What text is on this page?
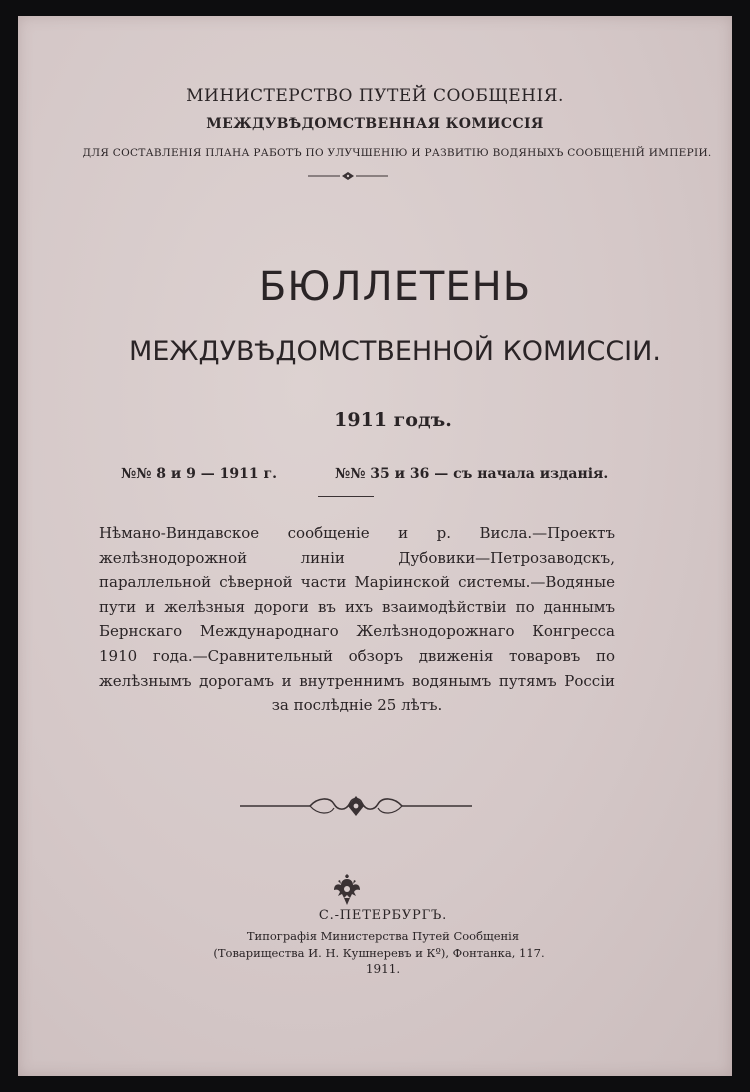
МИНИСТЕРСТВО ПУТЕЙ СООБЩЕНІЯ.
МЕЖДУВѢДОМСТВЕННАЯ КОМИССІЯ
ДЛЯ СОСТАВЛЕНІЯ ПЛАНА РАБОТЪ ПО УЛУЧШЕНІЮ И РАЗВИТІЮ ВОДЯНЫХЪ СООБЩЕНІЙ ИМПЕРІИ.
БЮЛЛЕТЕНЬ
МЕЖДУВѢДОМСТВЕННОЙ КОМИССІИ.
1911 годъ.
№№ 8 и 9 — 1911 г.	№№ 35 и 36 — съ начала изданія.
Нѣмано-Виндавское сообщеніе и р. Висла.—Проектъ желѣзнодорожной линіи Дубовики—Петрозаводскъ, параллельной сѣверной части Маріинской системы.—Водяные пути и желѣзныя дороги въ ихъ взаимодѣйствіи по даннымъ Бернскаго Международнаго Желѣзнодорожнаго Конгресса 1910 года.—Сравнительный обзоръ движенія товаровъ по желѣзнымъ дорогамъ и внутреннимъ водянымъ путямъ Россіи за послѣдніе 25 лѣтъ.
С.-ПЕТЕРБУРГЪ.
Типографія Министерства Путей Сообщенія
(Товарищества И. Н. Кушнеревъ и Кº), Фонтанка, 117.
1911.
